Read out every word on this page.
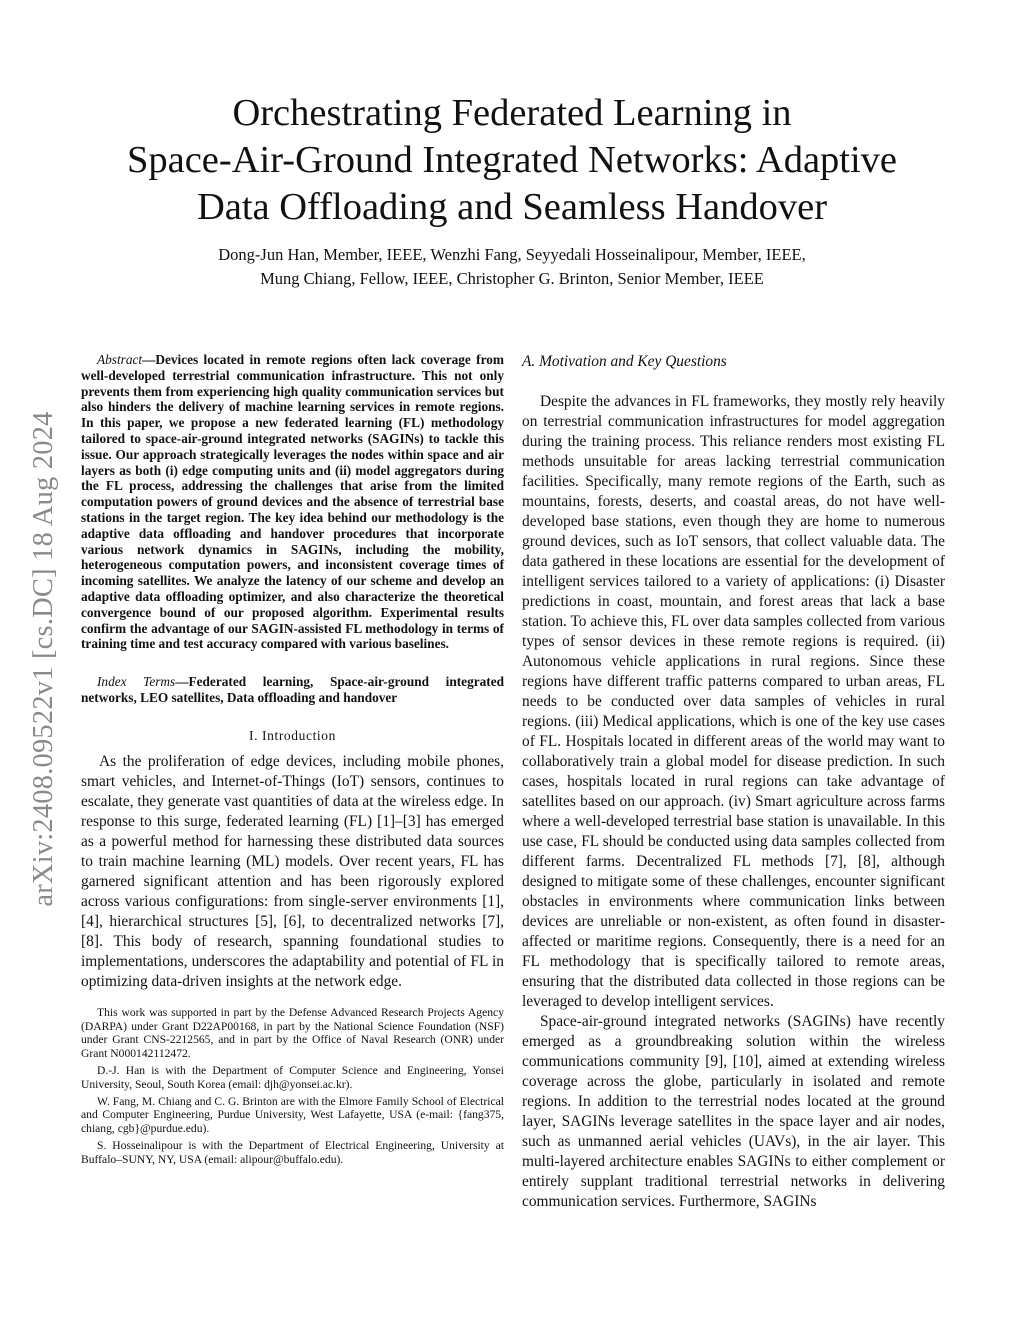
arXiv:2408.09522v1 [cs.DC] 18 Aug 2024
Orchestrating Federated Learning in
Space-Air-Ground Integrated Networks: Adaptive
Data Offloading and Seamless Handover
Dong-Jun Han, Member, IEEE, Wenzhi Fang, Seyyedali Hosseinalipour, Member, IEEE,
Mung Chiang, Fellow, IEEE, Christopher G. Brinton, Senior Member, IEEE

Abstract—Devices located in remote regions often lack coverage from well-developed terrestrial communication infrastructure. This not only prevents them from experiencing high quality communication services but also hinders the delivery of machine learning services in remote regions. In this paper, we propose a new federated learning (FL) methodology tailored to space-air-ground integrated networks (SAGINs) to tackle this issue. Our approach strategically leverages the nodes within space and air layers as both (i) edge computing units and (ii) model aggregators during the FL process, addressing the challenges that arise from the limited computation powers of ground devices and the absence of terrestrial base stations in the target region. The key idea behind our methodology is the adaptive data offloading and handover procedures that incorporate various network dynamics in SAGINs, including the mobility, heterogeneous computation powers, and inconsistent coverage times of incoming satellites. We analyze the latency of our scheme and develop an adaptive data offloading optimizer, and also characterize the theoretical convergence bound of our proposed algorithm. Experimental results confirm the advantage of our SAGIN-assisted FL methodology in terms of training time and test accuracy compared with various baselines.

Index Terms—Federated learning, Space-air-ground integrated networks, LEO satellites, Data offloading and handover

I. Introduction

As the proliferation of edge devices, including mobile phones, smart vehicles, and Internet-of-Things (IoT) sensors, continues to escalate, they generate vast quantities of data at the wireless edge. In response to this surge, federated learning (FL) [1]–[3] has emerged as a powerful method for harnessing these distributed data sources to train machine learning (ML) models. Over recent years, FL has garnered significant attention and has been rigorously explored across various configurations: from single-server environments [1], [4], hierarchical structures [5], [6], to decentralized networks [7], [8]. This body of research, spanning foundational studies to implementations, underscores the adaptability and potential of FL in optimizing data-driven insights at the network edge.

This work was supported in part by the Defense Advanced Research Projects Agency (DARPA) under Grant D22AP00168, in part by the National Science Foundation (NSF) under Grant CNS-2212565, and in part by the Office of Naval Research (ONR) under Grant N000142112472.

D.-J. Han is with the Department of Computer Science and Engineering, Yonsei University, Seoul, South Korea (email: djh@yonsei.ac.kr).

W. Fang, M. Chiang and C. G. Brinton are with the Elmore Family School of Electrical and Computer Engineering, Purdue University, West Lafayette, USA (e-mail: {fang375, chiang, cgb}@purdue.edu).

S. Hosseinalipour is with the Department of Electrical Engineering, University at Buffalo–SUNY, NY, USA (email: alipour@buffalo.edu).

A. Motivation and Key Questions

Despite the advances in FL frameworks, they mostly rely heavily on terrestrial communication infrastructures for model aggregation during the training process. This reliance renders most existing FL methods unsuitable for areas lacking terrestrial communication facilities. Specifically, many remote regions of the Earth, such as mountains, forests, deserts, and coastal areas, do not have well-developed base stations, even though they are home to numerous ground devices, such as IoT sensors, that collect valuable data. The data gathered in these locations are essential for the development of intelligent services tailored to a variety of applications: (i) Disaster predictions in coast, mountain, and forest areas that lack a base station. To achieve this, FL over data samples collected from various types of sensor devices in these remote regions is required. (ii) Autonomous vehicle applications in rural regions. Since these regions have different traffic patterns compared to urban areas, FL needs to be conducted over data samples of vehicles in rural regions. (iii) Medical applications, which is one of the key use cases of FL. Hospitals located in different areas of the world may want to collaboratively train a global model for disease prediction. In such cases, hospitals located in rural regions can take advantage of satellites based on our approach. (iv) Smart agriculture across farms where a well-developed terrestrial base station is unavailable. In this use case, FL should be conducted using data samples collected from different farms. Decentralized FL methods [7], [8], although designed to mitigate some of these challenges, encounter significant obstacles in environments where communication links between devices are unreliable or non-existent, as often found in disaster-affected or maritime regions. Consequently, there is a need for an FL methodology that is specifically tailored to remote areas, ensuring that the distributed data collected in those regions can be leveraged to develop intelligent services.

Space-air-ground integrated networks (SAGINs) have recently emerged as a groundbreaking solution within the wireless communications community [9], [10], aimed at extending wireless coverage across the globe, particularly in isolated and remote regions. In addition to the terrestrial nodes located at the ground layer, SAGINs leverage satellites in the space layer and air nodes, such as unmanned aerial vehicles (UAVs), in the air layer. This multi-layered architecture enables SAGINs to either complement or entirely supplant traditional terrestrial networks in delivering communication services. Furthermore, SAGINs
